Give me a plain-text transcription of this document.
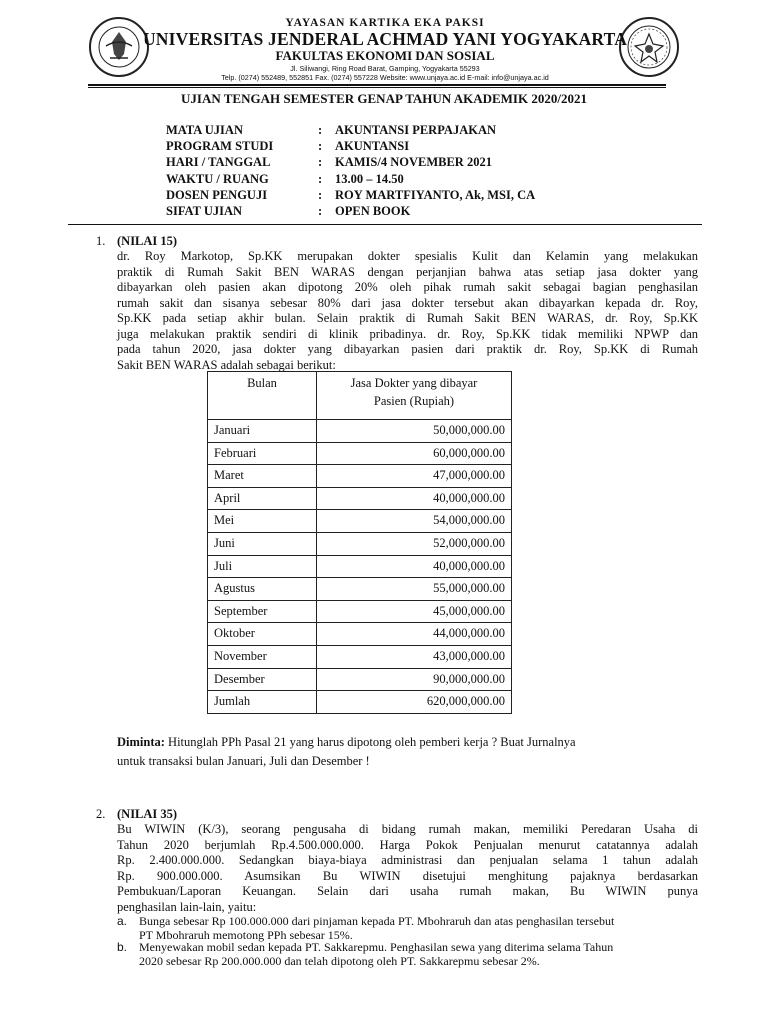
YAYASAN KARTIKA EKA PAKSI
UNIVERSITAS JENDERAL ACHMAD YANI YOGYAKARTA
FAKULTAS EKONOMI DAN SOSIAL
Jl. Siliwangi, Ring Road Barat, Gamping, Yogyakarta 55293
Telp. (0274) 552489, 552851 Fax. (0274) 557228 Website: www.unjaya.ac.id E-mail: info@unjaya.ac.id
UJIAN TENGAH SEMESTER GENAP TAHUN AKADEMIK 2020/2021
MATA UJIAN	:	AKUNTANSI PERPAJAKAN
PROGRAM STUDI	:	AKUNTANSI
HARI / TANGGAL	:	KAMIS/4 NOVEMBER 2021
WAKTU / RUANG	:	13.00 – 14.50
DOSEN PENGUJI	:	ROY MARTFIYANTO, Ak, MSI, CA
SIFAT UJIAN	:	OPEN BOOK
1. (NILAI 15)
dr. Roy Markotop, Sp.KK merupakan dokter spesialis Kulit dan Kelamin yang melakukan
praktik di Rumah Sakit BEN WARAS dengan perjanjian bahwa atas setiap jasa dokter yang
dibayarkan oleh pasien akan dipotong 20% oleh pihak rumah sakit sebagai bagian penghasilan
rumah sakit dan sisanya sebesar 80% dari jasa dokter tersebut akan dibayarkan kepada dr. Roy,
Sp.KK pada setiap akhir bulan. Selain praktik di Rumah Sakit BEN WARAS, dr. Roy, Sp.KK
juga melakukan praktik sendiri di klinik pribadinya. dr. Roy, Sp.KK tidak memiliki NPWP dan
pada tahun 2020, jasa dokter yang dibayarkan pasien dari praktik dr. Roy, Sp.KK di Rumah
Sakit BEN WARAS adalah sebagai berikut:
Bulan	Jasa Dokter yang dibayar
Pasien (Rupiah)
Januari	50,000,000.00
Februari	60,000,000.00
Maret	47,000,000.00
April	40,000,000.00
Mei	54,000,000.00
Juni	52,000,000.00
Juli	40,000,000.00
Agustus	55,000,000.00
September	45,000,000.00
Oktober	44,000,000.00
November	43,000,000.00
Desember	90,000,000.00
Jumlah	620,000,000.00
Diminta: Hitunglah PPh Pasal 21 yang harus dipotong oleh pemberi kerja ? Buat Jurnalnya
untuk transaksi bulan Januari, Juli dan Desember !
2. (NILAI 35)
Bu WIWIN (K/3), seorang pengusaha di bidang rumah makan, memiliki Peredaran Usaha di
Tahun 2020 berjumlah Rp.4.500.000.000. Harga Pokok Penjualan menurut catatannya adalah
Rp. 2.400.000.000. Sedangkan biaya-biaya administrasi dan penjualan selama 1 tahun adalah
Rp. 900.000.000. Asumsikan Bu WIWIN disetujui menghitung pajaknya berdasarkan
Pembukuan/Laporan Keuangan. Selain dari usaha rumah makan, Bu WIWIN punya
penghasilan lain-lain, yaitu:
a. Bunga sebesar Rp 100.000.000 dari pinjaman kepada PT. Mbohraruh dan atas penghasilan tersebut
PT Mbohraruh memotong PPh sebesar 15%.
b. Menyewakan mobil sedan kepada PT. Sakkarepmu. Penghasilan sewa yang diterima selama Tahun
2020 sebesar Rp 200.000.000 dan telah dipotong oleh PT. Sakkarepmu sebesar 2%.
